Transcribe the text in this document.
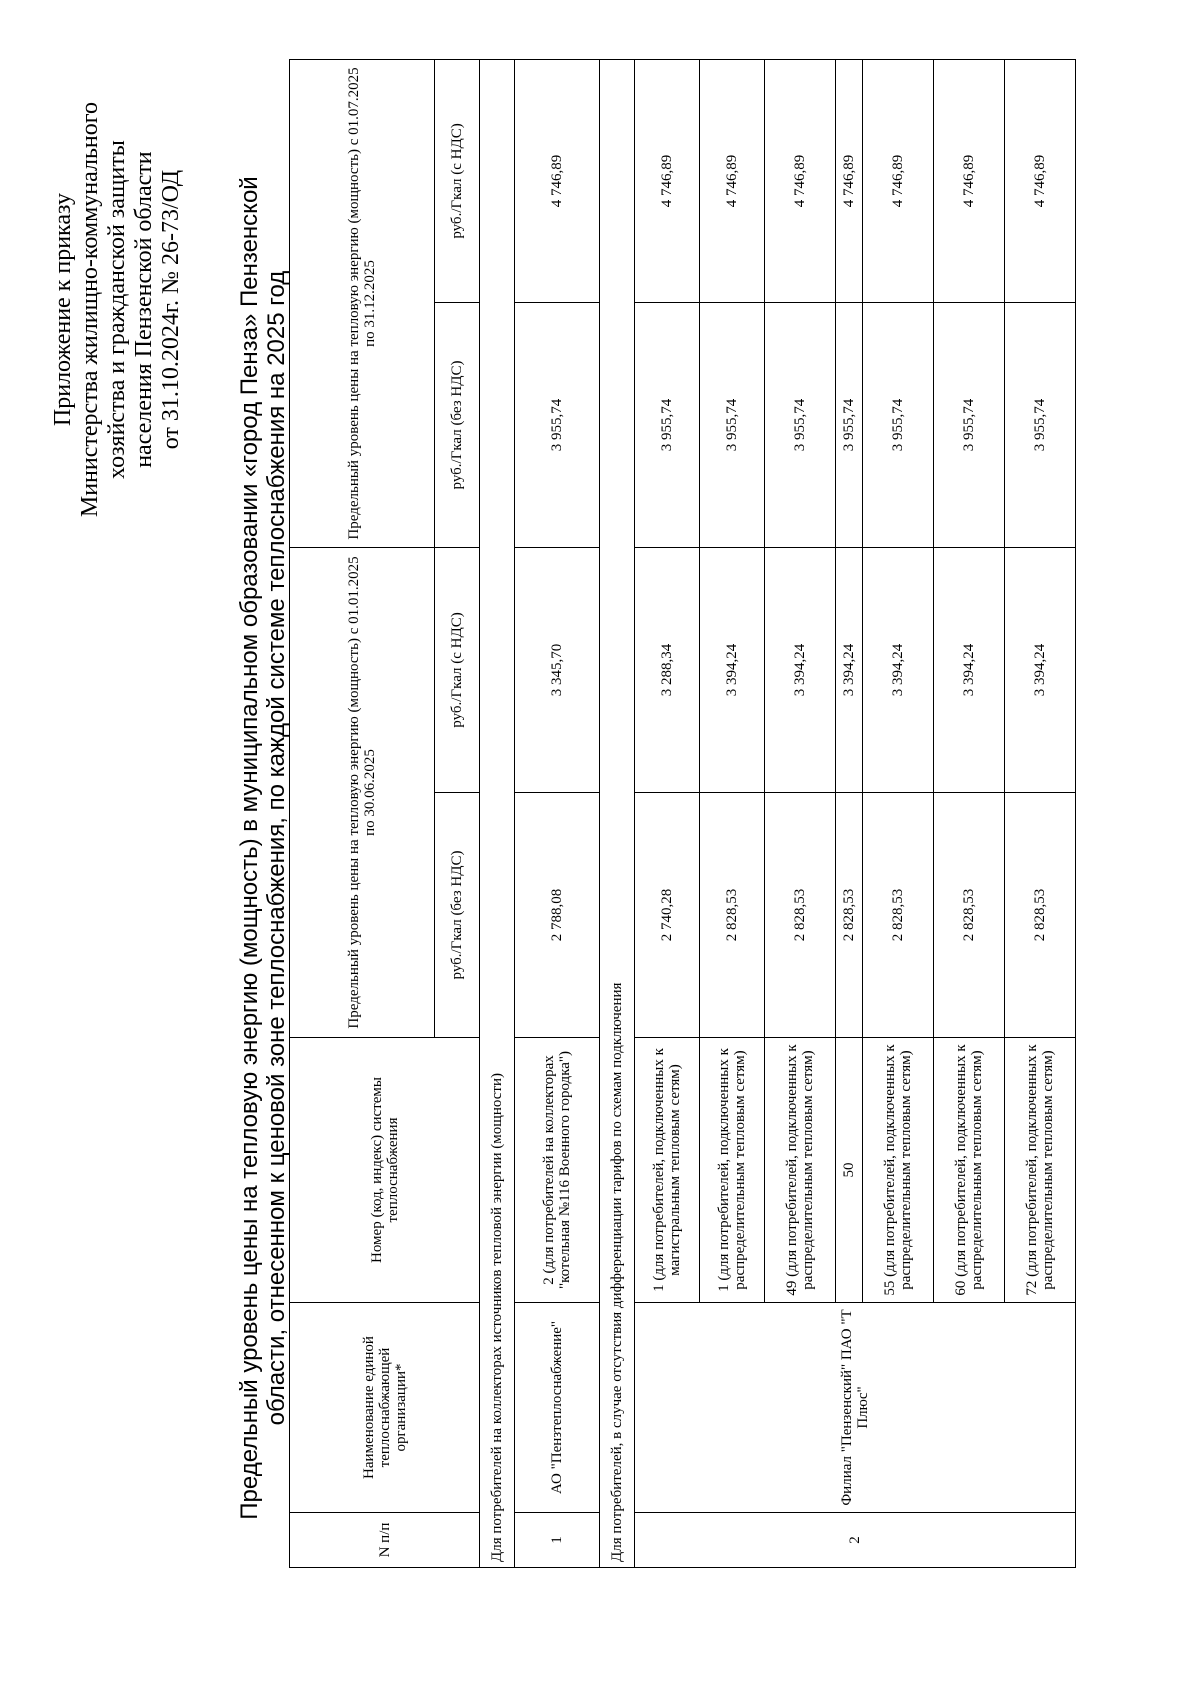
Приложение к приказу Министерства жилищно-коммунального хозяйства и гражданской защиты населения Пензенской области от 31.10.2024г. № 26-73/ОД Предельный уровень цены на тепловую энергию (мощность) в муниципальном образовании «город Пенза» Пензенской области, отнесенном к ценовой зоне теплоснабжения, по каждой системе теплоснабжения на 2025 год
N п/п	Наименование единой теплоснабжающей организации*	Номер (код, индекс) системы теплоснабжения	Предельный уровень цены на тепловую энергию (мощность) с 01.01.2025 по 30.06.2025		Предельный уровень цены на тепловую энергию (мощность) с 01.07.2025 по 31.12.2025	
			руб./Гкал (без НДС)	руб./Гкал (с НДС)	руб./Гкал (без НДС)	руб./Гкал (с НДС)
Для потребителей на коллекторах источников тепловой энергии (мощности)						
1	АО "Пензтеплоснабжение"	2 (для потребителей на коллекторах "котельная №116 Военного городка")	2 788,08	3 345,70	3 955,74	4 746,89
Для потребителей, в случае отсутствия дифференциации тарифов по схемам подключения						
2	Филиал "Пензенский" ПАО "Т Плюс"	1 (для потребителей, подключенных к магистральным тепловым сетям)	2 740,28	3 288,34	3 955,74	4 746,89
		1 (для потребителей, подключенных к распределительным тепловым сетям)	2 828,53	3 394,24	3 955,74	4 746,89
		49 (для потребителей, подключенных к распределительным тепловым сетям)	2 828,53	3 394,24	3 955,74	4 746,89
		50	2 828,53	3 394,24	3 955,74	4 746,89
		55 (для потребителей, подключенных к распределительным тепловым сетям)	2 828,53	3 394,24	3 955,74	4 746,89
		60 (для потребителей, подключенных к распределительным тепловым сетям)	2 828,53	3 394,24	3 955,74	4 746,89
		72 (для потребителей, подключенных к распределительным тепловым сетям)	2 828,53	3 394,24	3 955,74	4 746,89
